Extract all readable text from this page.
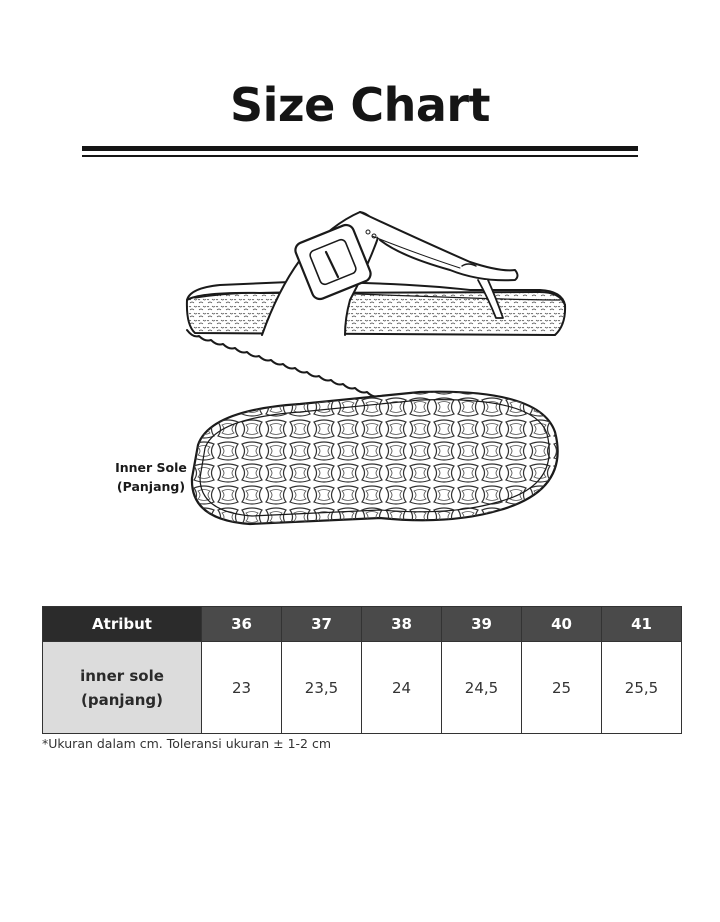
Size Chart
Inner Sole
(Panjang)
Atribut	36	37	38	39	40	41

inner sole
(panjang)	23	23,5	24	24,5	25	25,5
*Ukuran dalam cm. Toleransi ukuran ± 1-2 cm
